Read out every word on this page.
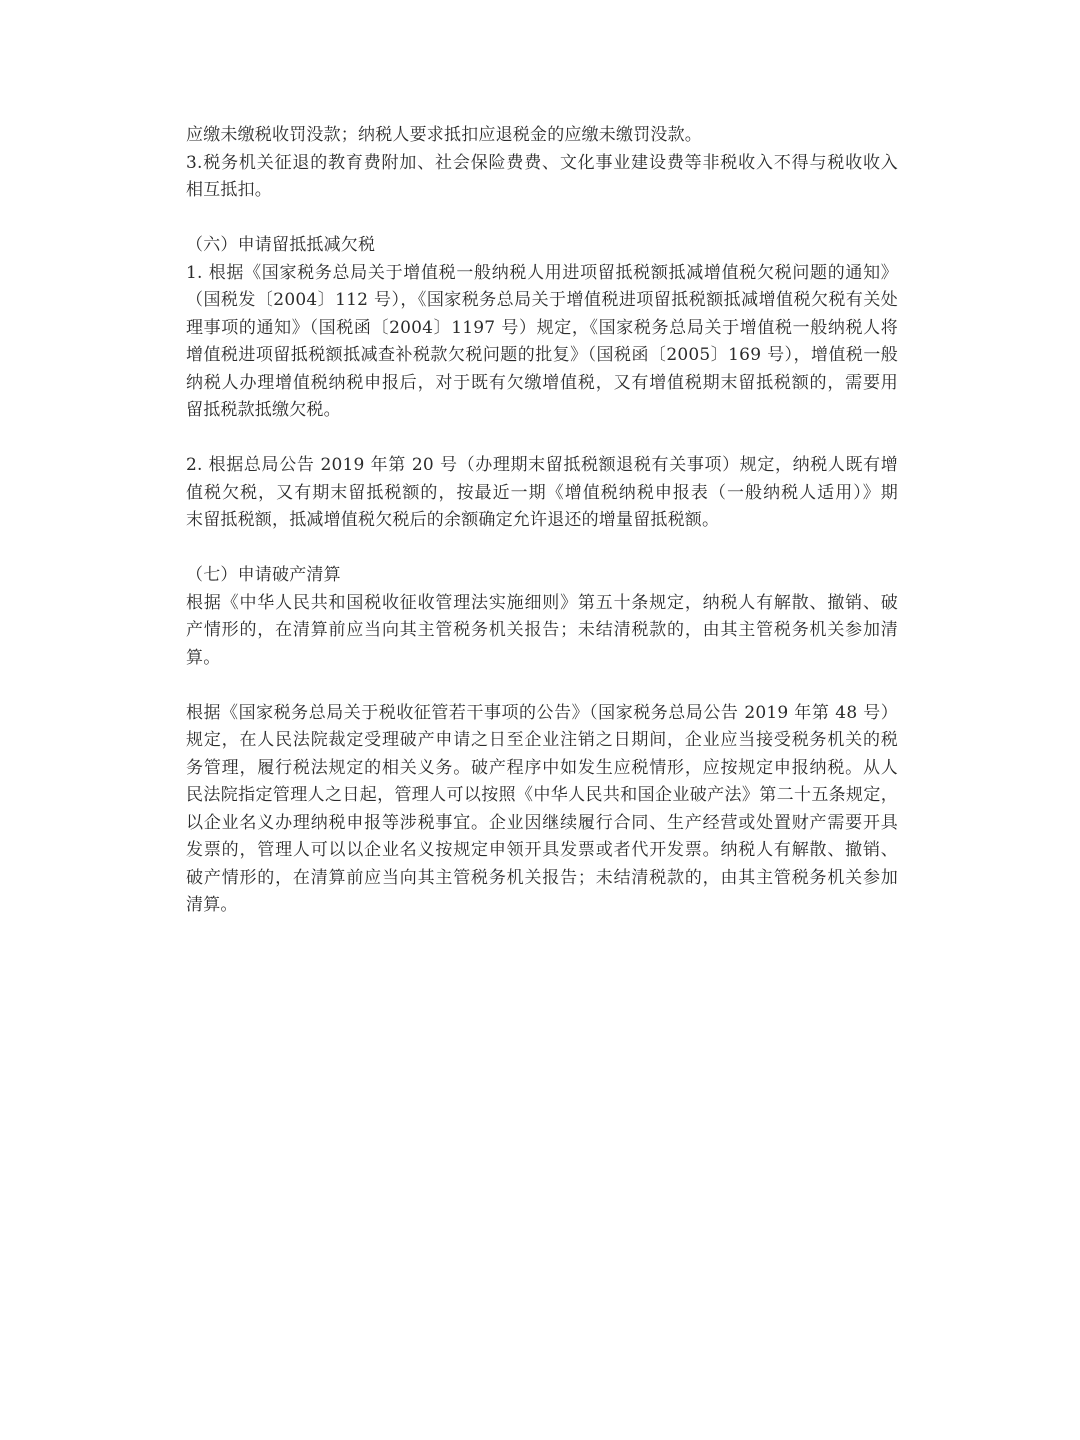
应缴未缴税收罚没款；纳税人要求抵扣应退税金的应缴未缴罚没款。
3.税务机关征退的教育费附加、社会保险费费、文化事业建设费等非税收入不得与税收收入
相互抵扣。
（六）申请留抵抵减欠税
1. 根据《国家税务总局关于增值税一般纳税人用进项留抵税额抵减增值税欠税问题的通知》
（国税发〔2004〕112 号），《国家税务总局关于增值税进项留抵税额抵减增值税欠税有关处
理事项的通知》（国税函〔2004〕1197 号）规定，《国家税务总局关于增值税一般纳税人将
增值税进项留抵税额抵减查补税款欠税问题的批复》（国税函〔2005〕169 号），增值税一般
纳税人办理增值税纳税申报后，对于既有欠缴增值税，又有增值税期末留抵税额的，需要用
留抵税款抵缴欠税。
2. 根据总局公告 2019 年第 20 号（办理期末留抵税额退税有关事项）规定，纳税人既有增
值税欠税，又有期末留抵税额的，按最近一期《增值税纳税申报表（一般纳税人适用）》期
末留抵税额，抵减增值税欠税后的余额确定允许退还的增量留抵税额。
（七）申请破产清算
根据《中华人民共和国税收征收管理法实施细则》第五十条规定，纳税人有解散、撤销、破
产情形的，在清算前应当向其主管税务机关报告；未结清税款的，由其主管税务机关参加清
算。
根据《国家税务总局关于税收征管若干事项的公告》（国家税务总局公告 2019 年第 48 号）
规定，在人民法院裁定受理破产申请之日至企业注销之日期间，企业应当接受税务机关的税
务管理，履行税法规定的相关义务。破产程序中如发生应税情形，应按规定申报纳税。从人
民法院指定管理人之日起，管理人可以按照《中华人民共和国企业破产法》第二十五条规定，
以企业名义办理纳税申报等涉税事宜。企业因继续履行合同、生产经营或处置财产需要开具
发票的，管理人可以以企业名义按规定申领开具发票或者代开发票。纳税人有解散、撤销、
破产情形的，在清算前应当向其主管税务机关报告；未结清税款的，由其主管税务机关参加
清算。
